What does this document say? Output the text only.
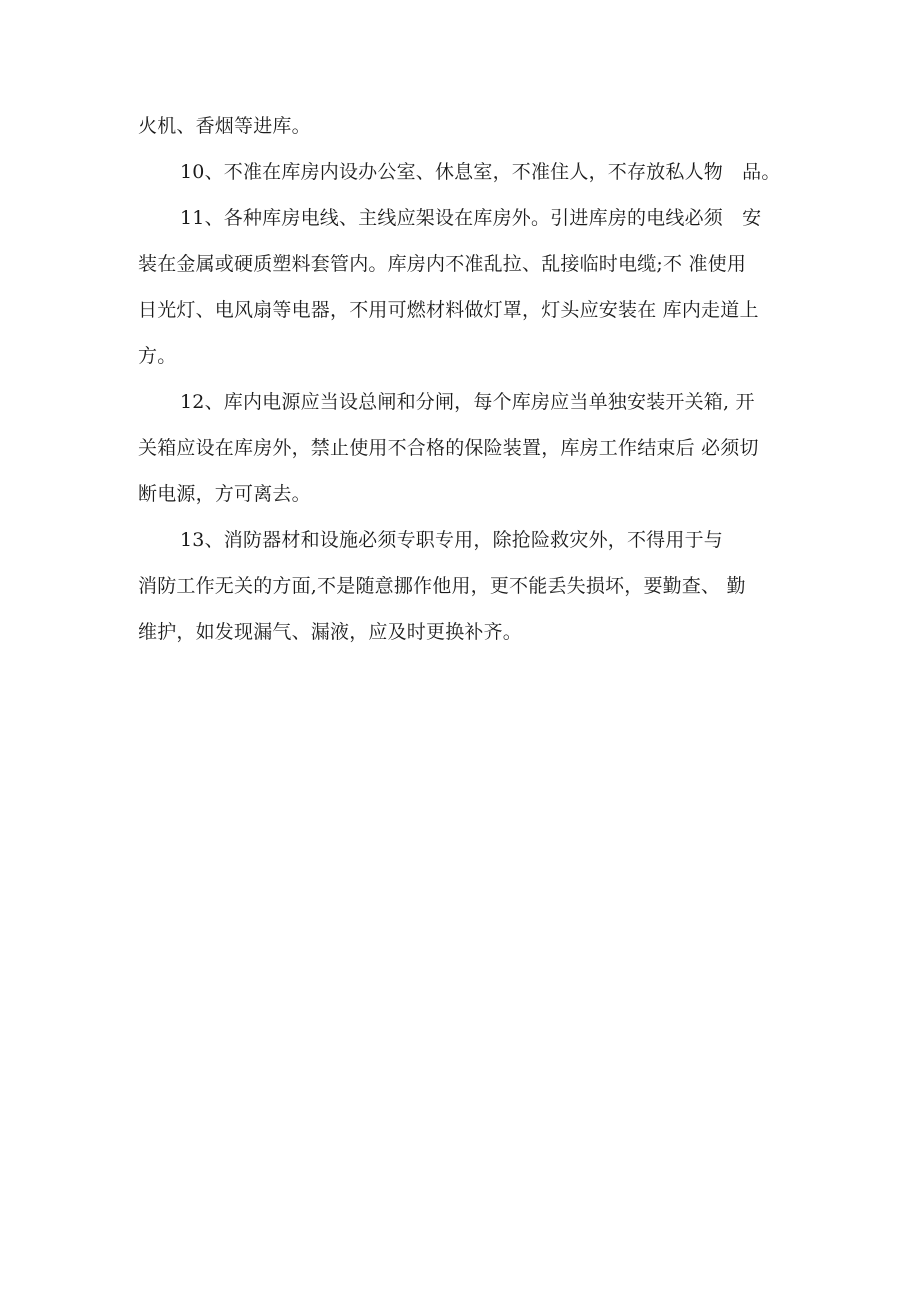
火机、香烟等进库。
10、不准在库房内设办公室、休息室，不准住人，不存放私人物　品。
11、各种库房电线、主线应架设在库房外。引进库房的电线必须　安
装在金属或硬质塑料套管内。库房内不准乱拉、乱接临时电缆;不 准使用
日光灯、电风扇等电器，不用可燃材料做灯罩，灯头应安装在 库内走道上
方。
12、库内电源应当设总闸和分闸，每个库房应当单独安装开关箱, 开
关箱应设在库房外，禁止使用不合格的保险装置，库房工作结束后 必须切
断电源，方可离去。
13、消防器材和设施必须专职专用，除抢险救灾外，不得用于与
消防工作无关的方面,不是随意挪作他用，更不能丢失损坏，要勤查、 勤
维护，如发现漏气、漏液，应及时更换补齐。
